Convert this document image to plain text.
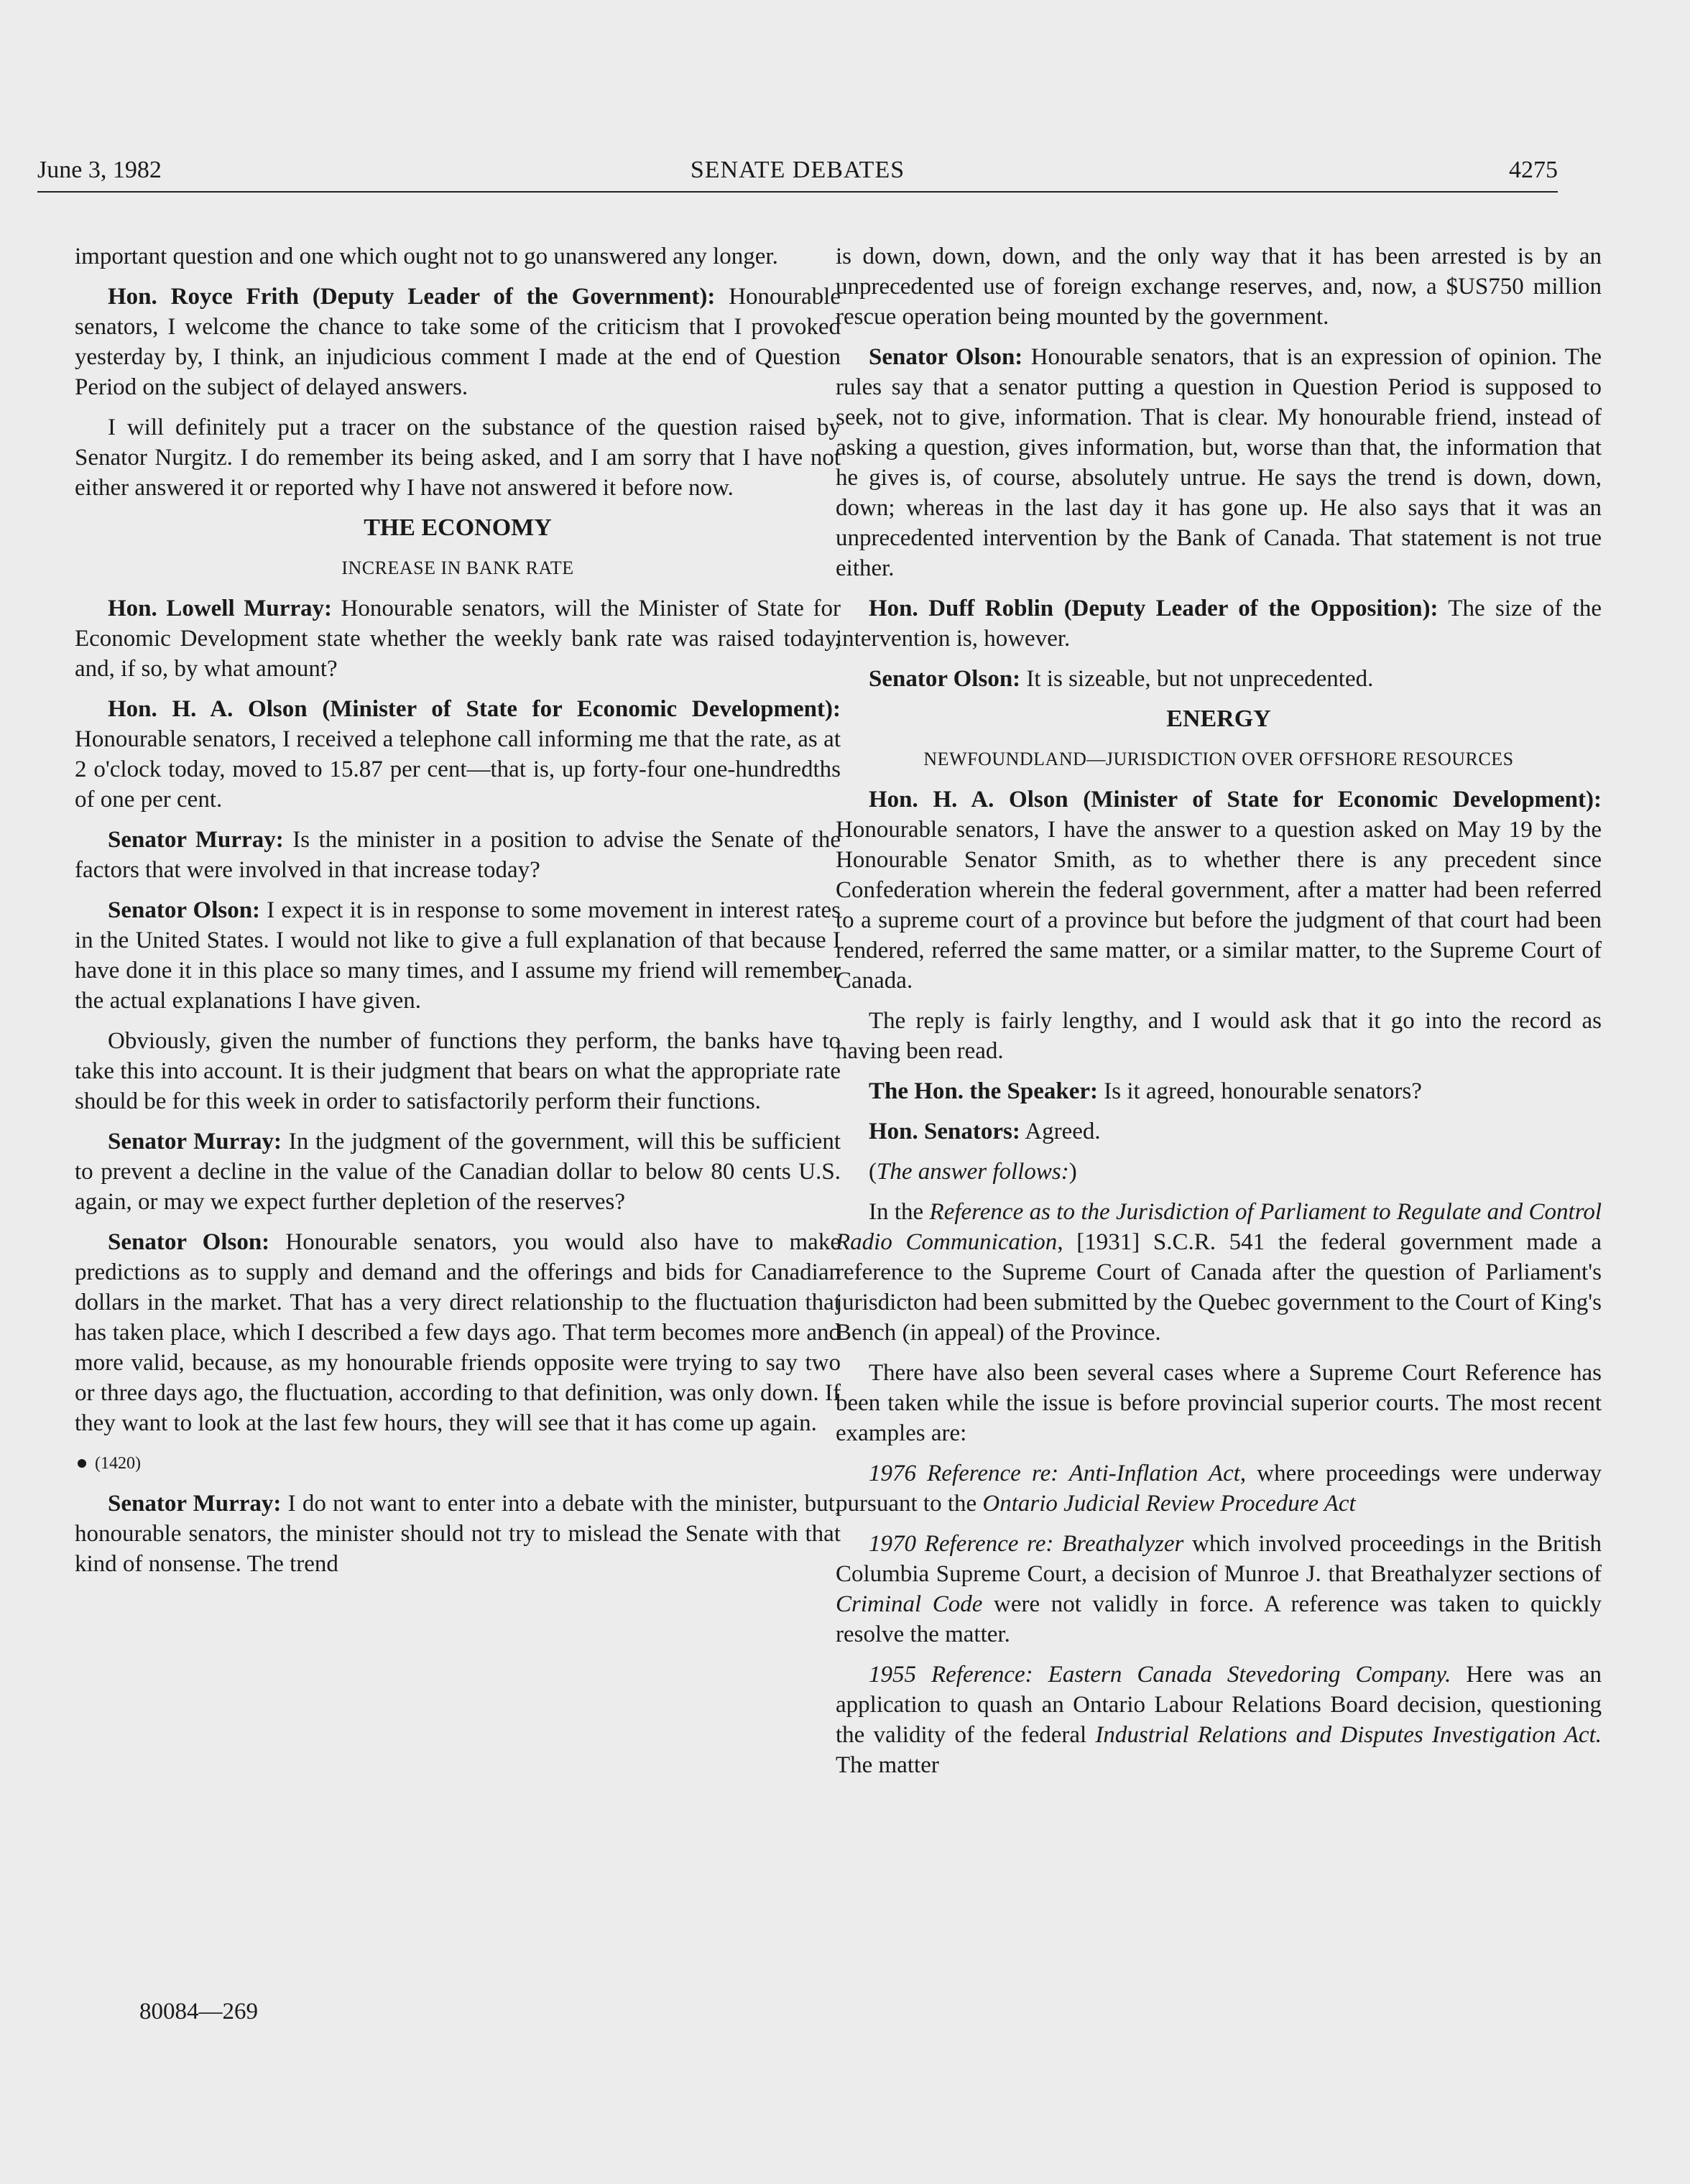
June 3, 1982	SENATE DEBATES	4275

important question and one which ought not to go unanswered any longer.

Hon. Royce Frith (Deputy Leader of the Government): Honourable senators, I welcome the chance to take some of the criticism that I provoked yesterday by, I think, an injudicious comment I made at the end of Question Period on the subject of delayed answers.

I will definitely put a tracer on the substance of the question raised by Senator Nurgitz. I do remember its being asked, and I am sorry that I have not either answered it or reported why I have not answered it before now.

THE ECONOMY

INCREASE IN BANK RATE

Hon. Lowell Murray: Honourable senators, will the Minister of State for Economic Development state whether the weekly bank rate was raised today, and, if so, by what amount?

Hon. H. A. Olson (Minister of State for Economic Development): Honourable senators, I received a telephone call informing me that the rate, as at 2 o'clock today, moved to 15.87 per cent—that is, up forty-four one-hundredths of one per cent.

Senator Murray: Is the minister in a position to advise the Senate of the factors that were involved in that increase today?

Senator Olson: I expect it is in response to some movement in interest rates in the United States. I would not like to give a full explanation of that because I have done it in this place so many times, and I assume my friend will remember the actual explanations I have given.

Obviously, given the number of functions they perform, the banks have to take this into account. It is their judgment that bears on what the appropriate rate should be for this week in order to satisfactorily perform their functions.

Senator Murray: In the judgment of the government, will this be sufficient to prevent a decline in the value of the Canadian dollar to below 80 cents U.S. again, or may we expect further depletion of the reserves?

Senator Olson: Honourable senators, you would also have to make predictions as to supply and demand and the offerings and bids for Canadian dollars in the market. That has a very direct relationship to the fluctuation that has taken place, which I described a few days ago. That term becomes more and more valid, because, as my honourable friends opposite were trying to say two or three days ago, the fluctuation, according to that definition, was only down. If they want to look at the last few hours, they will see that it has come up again.

(1420)

Senator Murray: I do not want to enter into a debate with the minister, but, honourable senators, the minister should not try to mislead the Senate with that kind of nonsense. The trend

is down, down, down, and the only way that it has been arrested is by an unprecedented use of foreign exchange reserves, and, now, a $US750 million rescue operation being mounted by the government.

Senator Olson: Honourable senators, that is an expression of opinion. The rules say that a senator putting a question in Question Period is supposed to seek, not to give, information. That is clear. My honourable friend, instead of asking a question, gives information, but, worse than that, the information that he gives is, of course, absolutely untrue. He says the trend is down, down, down; whereas in the last day it has gone up. He also says that it was an unprecedented intervention by the Bank of Canada. That statement is not true either.

Hon. Duff Roblin (Deputy Leader of the Opposition): The size of the intervention is, however.

Senator Olson: It is sizeable, but not unprecedented.

ENERGY

NEWFOUNDLAND—JURISDICTION OVER OFFSHORE RESOURCES

Hon. H. A. Olson (Minister of State for Economic Development): Honourable senators, I have the answer to a question asked on May 19 by the Honourable Senator Smith, as to whether there is any precedent since Confederation wherein the federal government, after a matter had been referred to a supreme court of a province but before the judgment of that court had been rendered, referred the same matter, or a similar matter, to the Supreme Court of Canada.

The reply is fairly lengthy, and I would ask that it go into the record as having been read.

The Hon. the Speaker: Is it agreed, honourable senators?

Hon. Senators: Agreed.

(The answer follows:)

In the Reference as to the Jurisdiction of Parliament to Regulate and Control Radio Communication, [1931] S.C.R. 541 the federal government made a reference to the Supreme Court of Canada after the question of Parliament's jurisdicton had been submitted by the Quebec government to the Court of King's Bench (in appeal) of the Province.

There have also been several cases where a Supreme Court Reference has been taken while the issue is before provincial superior courts. The most recent examples are:

1976 Reference re: Anti-Inflation Act, where proceedings were underway pursuant to the Ontario Judicial Review Procedure Act

1970 Reference re: Breathalyzer which involved proceedings in the British Columbia Supreme Court, a decision of Munroe J. that Breathalyzer sections of Criminal Code were not validly in force. A reference was taken to quickly resolve the matter.

1955 Reference: Eastern Canada Stevedoring Company. Here was an application to quash an Ontario Labour Relations Board decision, questioning the validity of the federal Industrial Relations and Disputes Investigation Act. The matter

80084—269
